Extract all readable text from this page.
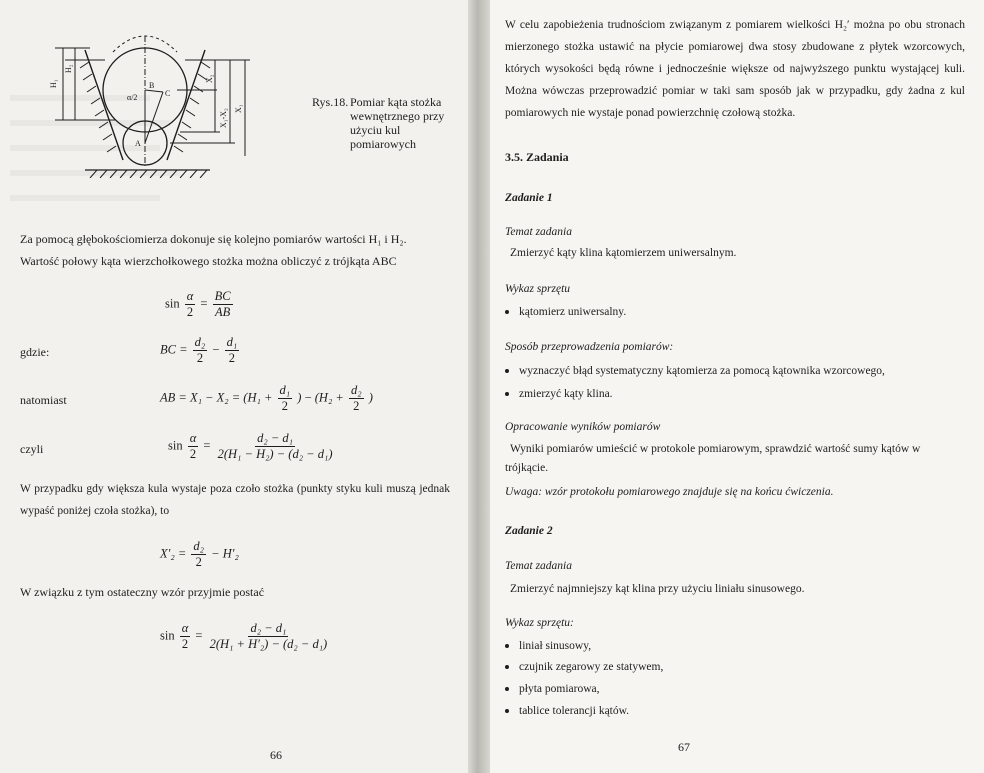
H₁
H₂
X₂
X₁
X₁-X₂
α/2	C
B
A
Rys.18. Pomiar kąta stożka wewnętrznego przy użyciu kul pomiarowych
Za pomocą głębokościomierza dokonuje się kolejno pomiarów wartości H₁ i H₂.
Wartość połowy kąta wierzchołkowego stożka można obliczyć z trójkąta ABC
$\sin \frac{\alpha}{2} = \frac{BC}{AB}$
gdzie:	BC = $\frac{\text{d₂}}{2} - \frac{\text{d₁}}{2}$
natomiast	AB = $X_1 - X_2 = (H_1 + \frac{\text{d₁}}{2}$ ) − ($H_2 + \frac{\text{d₂}}{2}$ )
czyli	$\sin \frac{\alpha}{2} = \frac{\text{d₂ − d₁}}{\text{2(H₁ − H₂) − (d₂ − d₁)}}$
W przypadku gdy większa kula wystaje poza czoło stożka (punkty styku kuli muszą jednak wypaść poniżej czoła stożka), to
$X'_2 = \frac{\text{d₂}}{2} - H'_2$
W związku z tym ostateczny wzór przyjmie postać
$\sin \frac{\alpha}{2} = \frac{\text{d₂ − d₁}}{\text{2(H₁ + H′₂) − (d₂ − d₁)}}$
66
W celu zapobieżenia trudnościom związanym z pomiarem wielkości H₂′ można po obu stronach mierzonego stożka ustawić na płycie pomiarowej dwa stosy zbudowane z płytek wzorcowych, których wysokości będą równe i jednocześnie większe od najwyższego punktu wystającej kuli. Można wówczas przeprowadzić pomiar w taki sam sposób jak w przypadku, gdy żadna z kul pomiarowych nie wystaje ponad powierzchnię czołową stożka.
3.5. Zadania
Zadanie 1
Temat zadania
Zmierzyć kąty klina kątomierzem uniwersalnym.
Wykaz sprzętu
kątomierz uniwersalny.
Sposób przeprowadzenia pomiarów:
wyznaczyć błąd systematyczny kątomierza za pomocą kątownika wzorcowego,
zmierzyć kąty klina.
Opracowanie wyników pomiarów
Wyniki pomiarów umieścić w protokole pomiarowym, sprawdzić wartość sumy kątów w
trójkącie.
Uwaga: wzór protokołu pomiarowego znajduje się na końcu ćwiczenia.
Zadanie 2
Temat zadania
Zmierzyć najmniejszy kąt klina przy użyciu liniału sinusowego.
Wykaz sprzętu:
liniał sinusowy,
czujnik zegarowy ze statywem,
płyta pomiarowa,
tablice tolerancji kątów.
67
